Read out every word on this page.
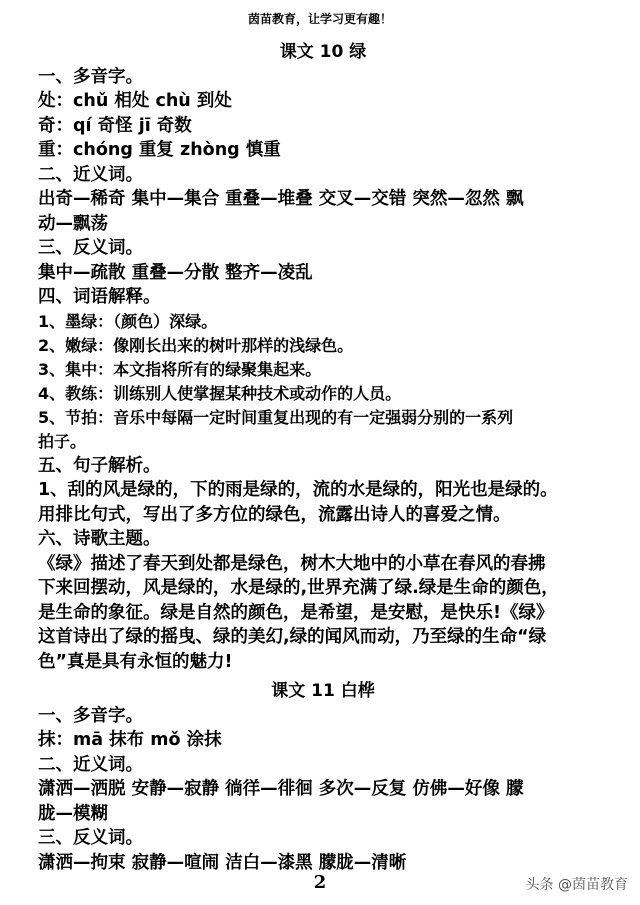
茵苗教育，让学习更有趣！
课文 10 绿
一、多音字。
处：chǔ 相处 chù 到处
奇：qí 奇怪 jī 奇数
重：chóng 重复 zhòng 慎重
二、近义词。
出奇—稀奇 集中—集合 重叠—堆叠 交叉—交错 突然—忽然 飘
动—飘荡
三、反义词。
集中—疏散 重叠—分散 整齐—凌乱
四、词语解释。
1、墨绿：（颜色）深绿。
2、嫩绿：像刚长出来的树叶那样的浅绿色。
3、集中：本文指将所有的绿聚集起来。
4、教练：训练别人使掌握某种技术或动作的人员。
5、节拍：音乐中每隔一定时间重复出现的有一定强弱分别的一系列
拍子。
五、句子解析。
1、刮的风是绿的，下的雨是绿的，流的水是绿的，阳光也是绿的。
用排比句式，写出了多方位的绿色，流露出诗人的喜爱之情。
六、诗歌主题。
《绿》描述了春天到处都是绿色，树木大地中的小草在春风的春拂
下来回摆动，风是绿的，水是绿的,世界充满了绿.绿是生命的颜色，
是生命的象征。绿是自然的颜色，是希望，是安慰，是快乐!《绿》
这首诗出了绿的摇曳、绿的美幻,绿的闻风而动，乃至绿的生命“绿
色”真是具有永恒的魅力!
课文 11 白桦
一、多音字。
抹：mā 抹布 mǒ 涂抹
二、近义词。
潇洒—洒脱 安静—寂静 徜徉—徘徊 多次—反复 仿佛—好像 朦
胧—模糊
三、反义词。
潇洒—拘束 寂静—喧闹 洁白—漆黑 朦胧—清晰
2	头条 @茵苗教育
